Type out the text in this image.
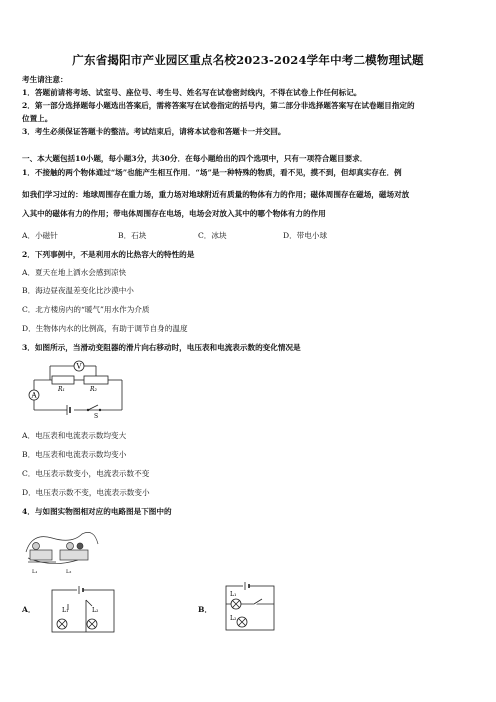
广东省揭阳市产业园区重点名校2023-2024学年中考二模物理试题
考生请注意：
1．答题前请将考场、试室号、座位号、考生号、姓名写在试卷密封线内，不得在试卷上作任何标记。
2．第一部分选择题每小题选出答案后，需将答案写在试卷指定的括号内，第二部分非选择题答案写在试卷题目指定的
位置上。
3．考生必须保证答题卡的整洁。考试结束后，请将本试卷和答题卡一并交回。
一、本大题包括10小题，每小题3分，共30分．在每小题给出的四个选项中，只有一项符合题目要求．
1．不接触的两个物体通过“场”也能产生相互作用．“场”是一种特殊的物质，看不见，摸不到，但却真实存在．例
如我们学习过的：地球周围存在重力场，重力场对地球附近有质量的物体有力的作用；磁体周围存在磁场，磁场对放
入其中的磁体有力的作用；带电体周围存在电场，电场会对放入其中的哪个物体有力的作用
A．小磁针	B．石块	C．冰块	D．带电小球
2．下列事例中，不是利用水的比热容大的特性的是
A．夏天在地上洒水会感到凉快
B．海边昼夜温差变化比沙漠中小
C．北方楼房内的“暖气”用水作为介质
D．生物体内水的比例高，有助于调节自身的温度
3．如图所示，当滑动变阻器的滑片向右移动时，电压表和电流表示数的变化情况是
V
A
R₁	R₂
S
A．电压表和电流表示数均变大
B．电压表和电流表示数均变小
C．电压表示数变小，电流表示数不变
D．电压表示数不变，电流表示数变小
4．与如图实物图相对应的电路图是下图中的
L₁	L₂
A．	L₁	L₂	B．
L₁
L₂
